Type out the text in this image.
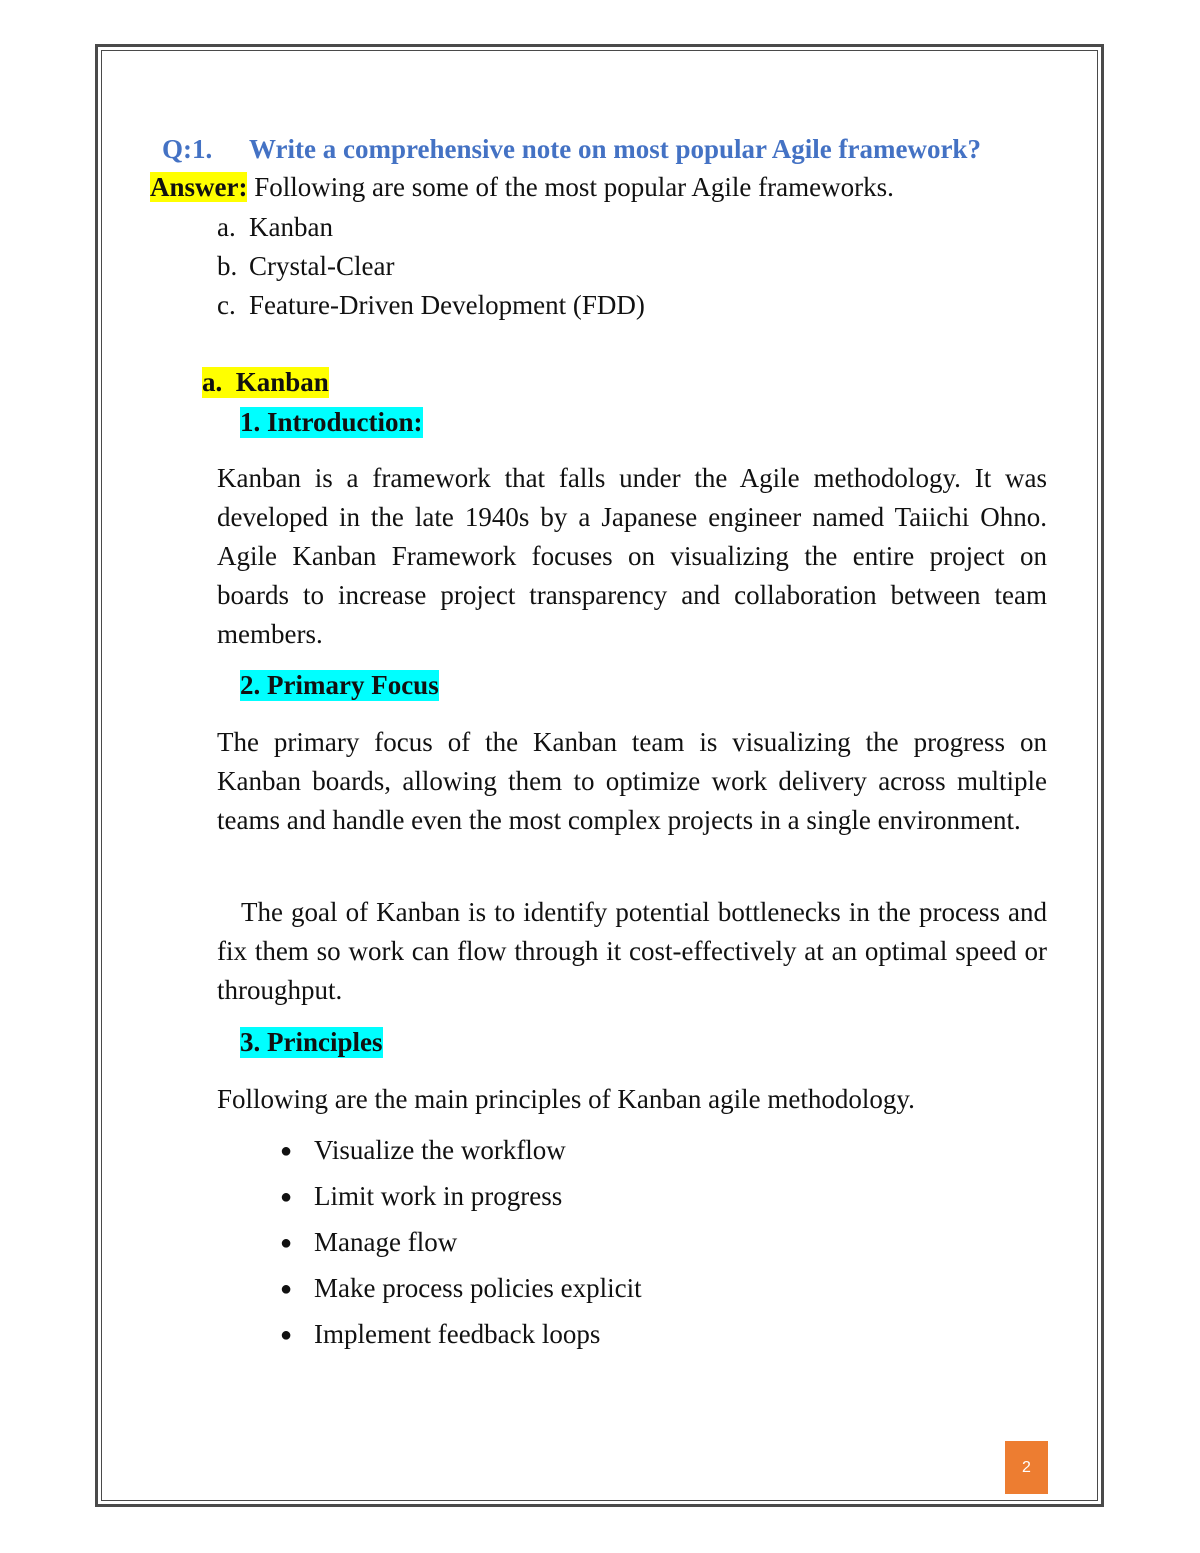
Q:1. Write a comprehensive note on most popular Agile framework?
Answer: Following are some of the most popular Agile frameworks.
a. Kanban
b. Crystal-Clear
c. Feature-Driven Development (FDD)
a.  Kanban
1. Introduction:

Kanban is a framework that falls under the Agile methodology. It was developed in the late 1940s by a Japanese engineer named Taiichi Ohno. Agile Kanban Framework focuses on visualizing the entire project on boards to increase project transparency and collaboration between team members.

2. Primary Focus

The primary focus of the Kanban team is visualizing the progress on Kanban boards, allowing them to optimize work delivery across multiple teams and handle even the most complex projects in a single environment.

The goal of Kanban is to identify potential bottlenecks in the process and fix them so work can flow through it cost-effectively at an optimal speed or throughput.

3. Principles

Following are the main principles of Kanban agile methodology.

● Visualize the workflow
● Limit work in progress
● Manage flow
● Make process policies explicit
● Implement feedback loops
2
